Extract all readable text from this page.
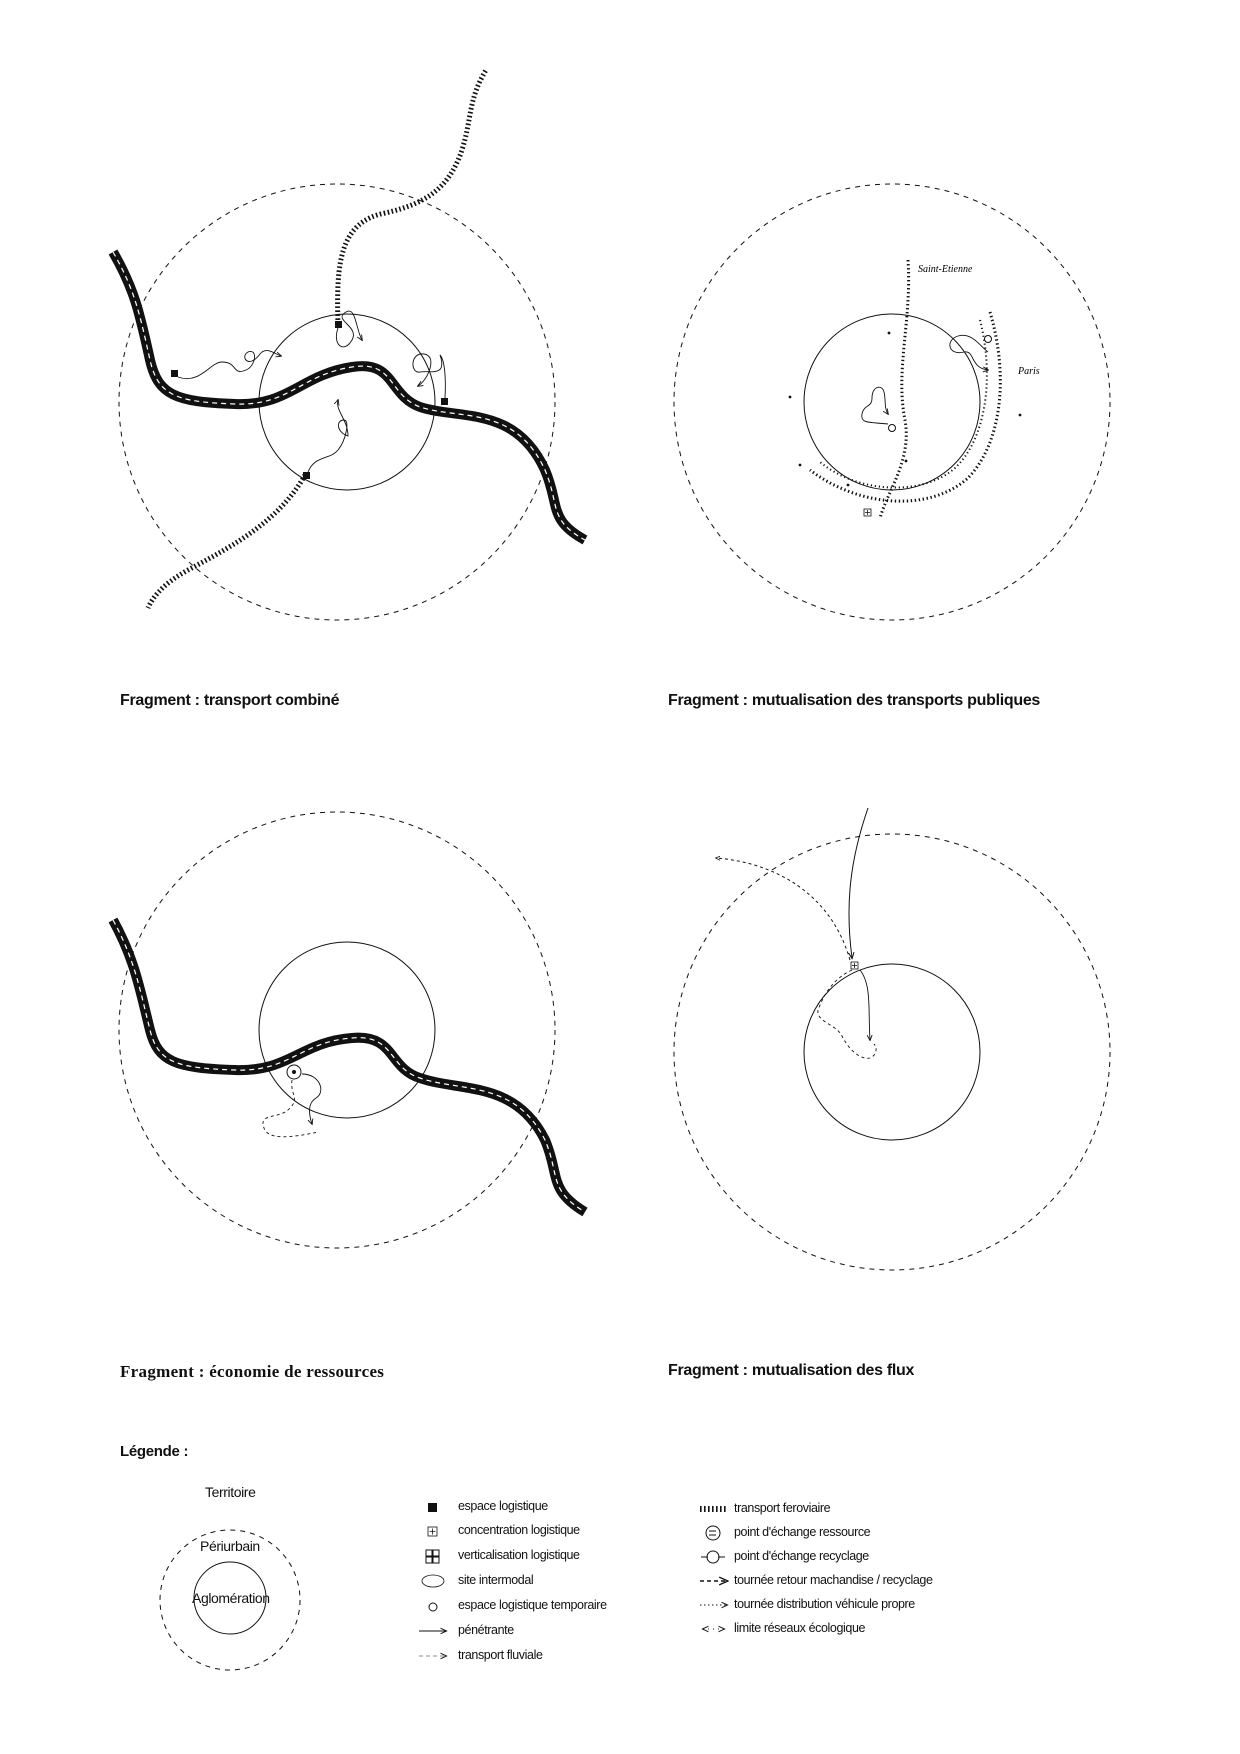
Saint-Etienne
Paris
Fragment : transport combiné	Fragment : mutualisation des transports publiques
Fragment : économie de ressources	Fragment : mutualisation des flux
Légende :
Territoire
Périurbain
Aglomération
espace logistique
concentration logistique
verticalisation logistique
site intermodal
espace logistique temporaire
pénétrante
transport fluviale
transport feroviaire
point d'échange ressource
point d'échange recyclage
tournée retour machandise / recyclage
tournée distribution véhicule propre
limite réseaux écologique
